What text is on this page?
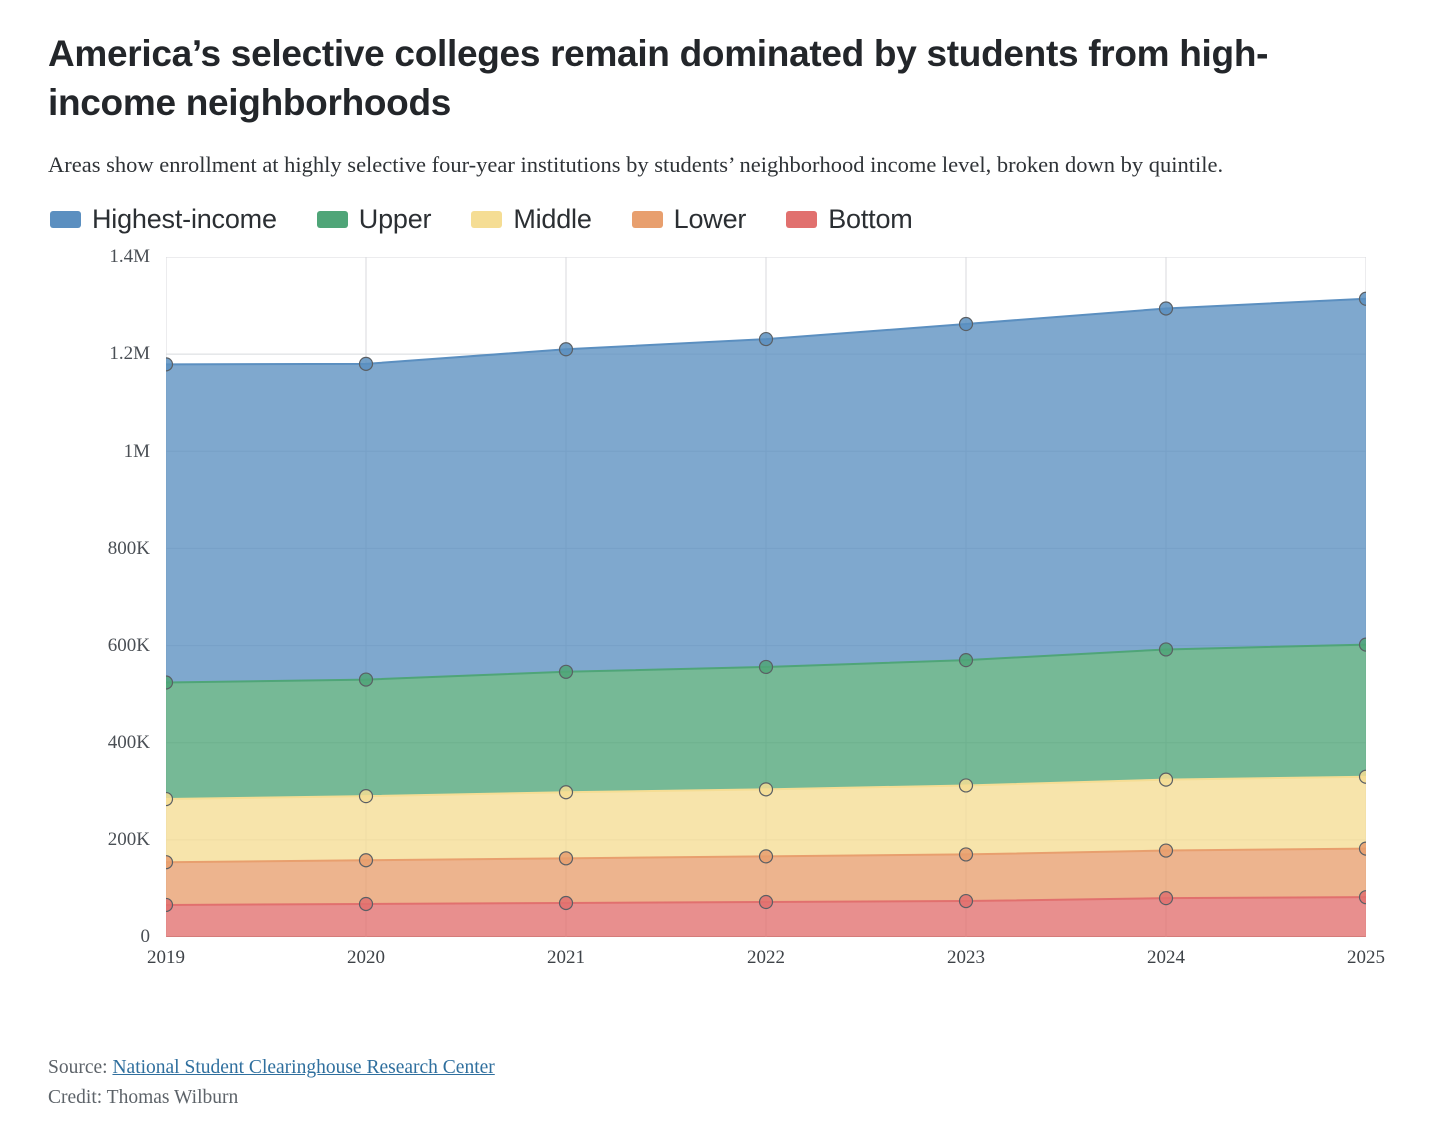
America’s selective colleges remain dominated by students from high-income neighborhoods

Areas show enrollment at highly selective four-year institutions by students’ neighborhood income level, broken down by quintile.

Highest-income	Upper	Middle	Lower	Bottom
0
200K
400K
600K
800K
1M
1.2M
1.4M
2019	2020	2021	2022	2023	2024	2025
Source: National Student Clearinghouse Research Center
Credit: Thomas Wilburn
